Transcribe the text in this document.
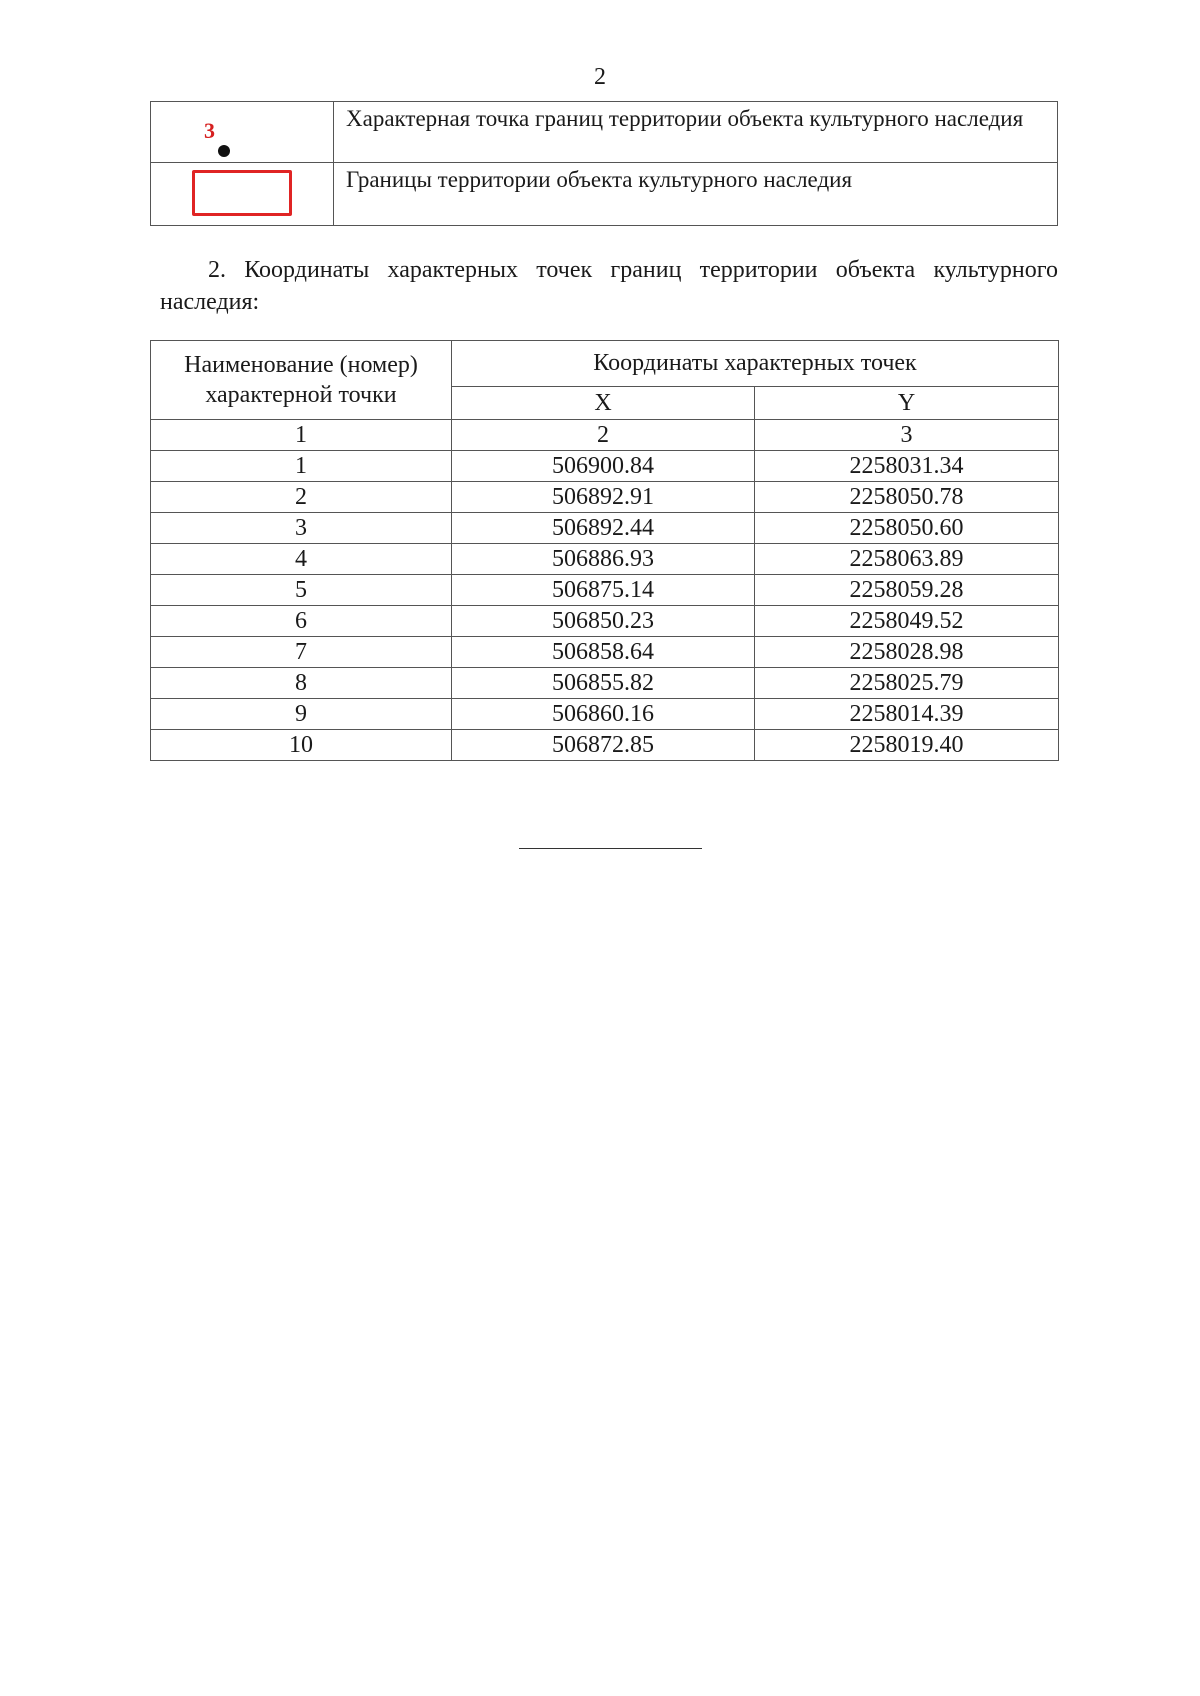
2
3	Характерная точка границ территории объекта культурного наследия

	Границы территории объекта культурного наследия
2. Координаты характерных точек границ территории объекта культурного наследия:
Наименование (номер) характерной точки	Координаты характерных точек	
	X	Y
1	2	3
1	506900.84	2258031.34
2	506892.91	2258050.78
3	506892.44	2258050.60
4	506886.93	2258063.89
5	506875.14	2258059.28
6	506850.23	2258049.52
7	506858.64	2258028.98
8	506855.82	2258025.79
9	506860.16	2258014.39
10	506872.85	2258019.40
